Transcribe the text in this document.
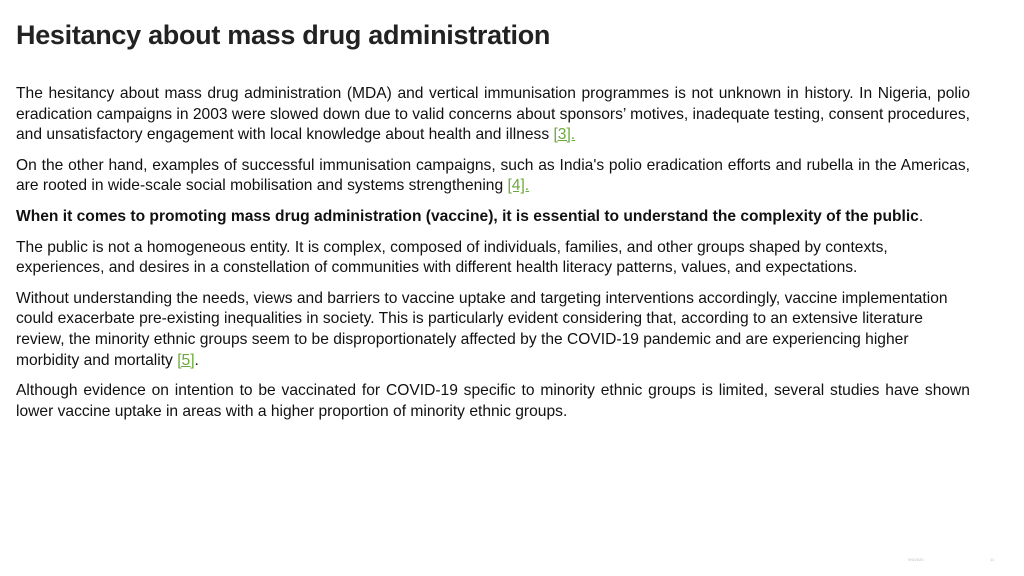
Hesitancy about mass drug administration

The hesitancy about mass drug administration (MDA) and vertical immunisation programmes is not unknown in history. In Nigeria, polio eradication campaigns in 2003 were slowed down due to valid concerns about sponsors’ motives, inadequate testing, consent procedures, and unsatisfactory engagement with local knowledge about health and illness [3].

On the other hand, examples of successful immunisation campaigns, such as India's polio eradication efforts and rubella in the Americas, are rooted in wide-scale social mobilisation and systems strengthening [4].

When it comes to promoting mass drug administration (vaccine), it is essential to understand the complexity of the public.

The public is not a homogeneous entity. It is complex, composed of individuals, families, and other groups shaped by contexts, experiences, and desires in a constellation of communities with different health literacy patterns, values, and expectations.

Without understanding the needs, views and barriers to vaccine uptake and targeting interventions accordingly, vaccine implementation could exacerbate pre-existing inequalities in society. This is particularly evident considering that, according to an extensive literature review, the minority ethnic groups seem to be disproportionately affected by the COVID-19 pandemic and are experiencing higher morbidity and mortality [5].

Although evidence on intention to be vaccinated for COVID-19 specific to minority ethnic groups is limited, several studies have shown lower vaccine uptake in areas with a higher proportion of minority ethnic groups.

9/9/2020	11
